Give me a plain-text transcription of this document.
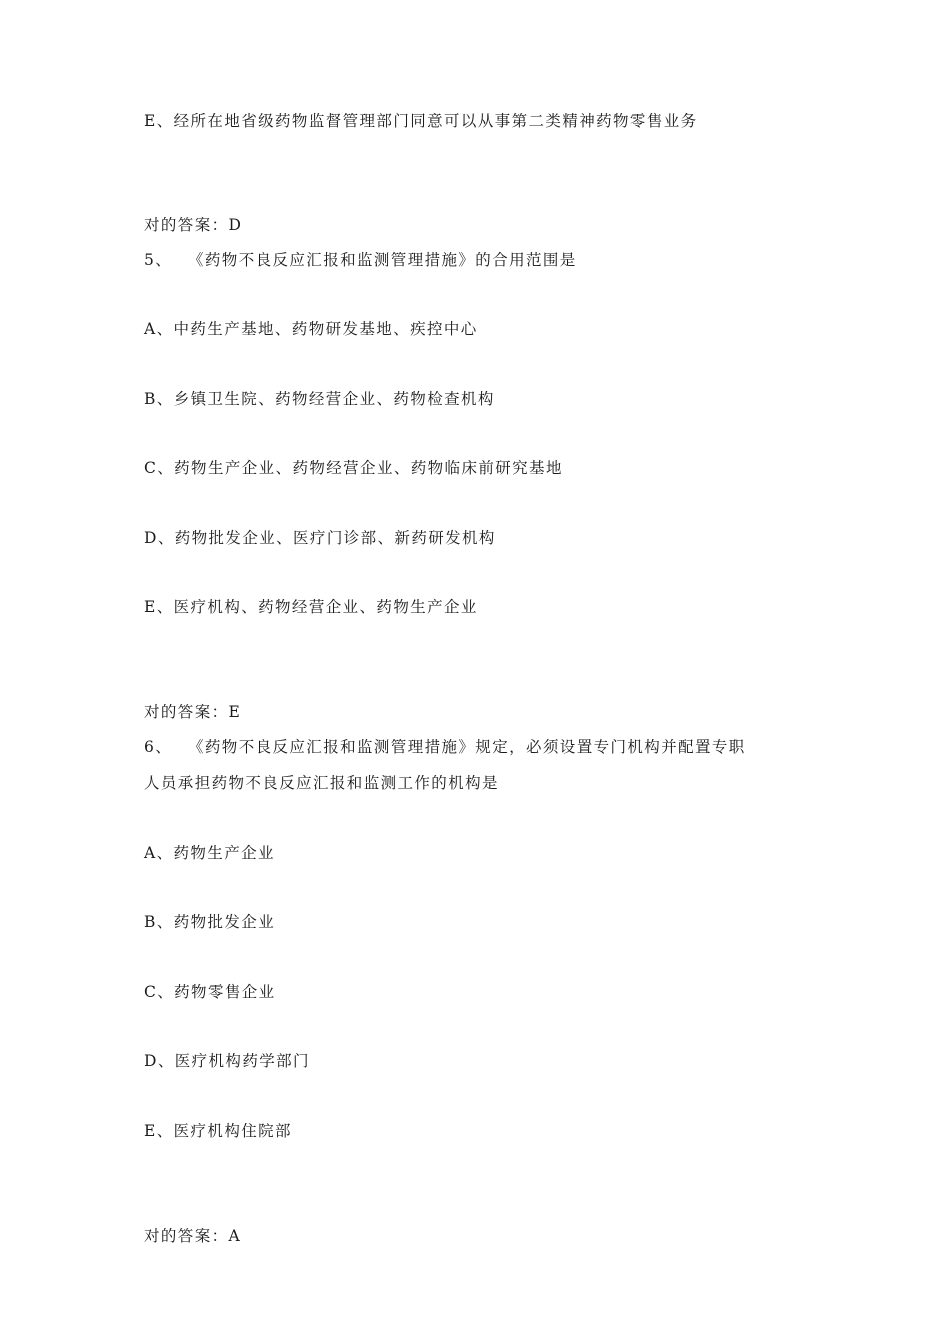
E、经所在地省级药物监督管理部门同意可以从事第二类精神药物零售业务
对的答案：D
5、 《药物不良反应汇报和监测管理措施》的合用范围是
A、中药生产基地、药物研发基地、疾控中心
B、乡镇卫生院、药物经营企业、药物检查机构
C、药物生产企业、药物经营企业、药物临床前研究基地
D、药物批发企业、医疗门诊部、新药研发机构
E、医疗机构、药物经营企业、药物生产企业
对的答案：E
6、 《药物不良反应汇报和监测管理措施》规定，必须设置专门机构并配置专职
人员承担药物不良反应汇报和监测工作的机构是
A、药物生产企业
B、药物批发企业
C、药物零售企业
D、医疗机构药学部门
E、医疗机构住院部
对的答案：A
